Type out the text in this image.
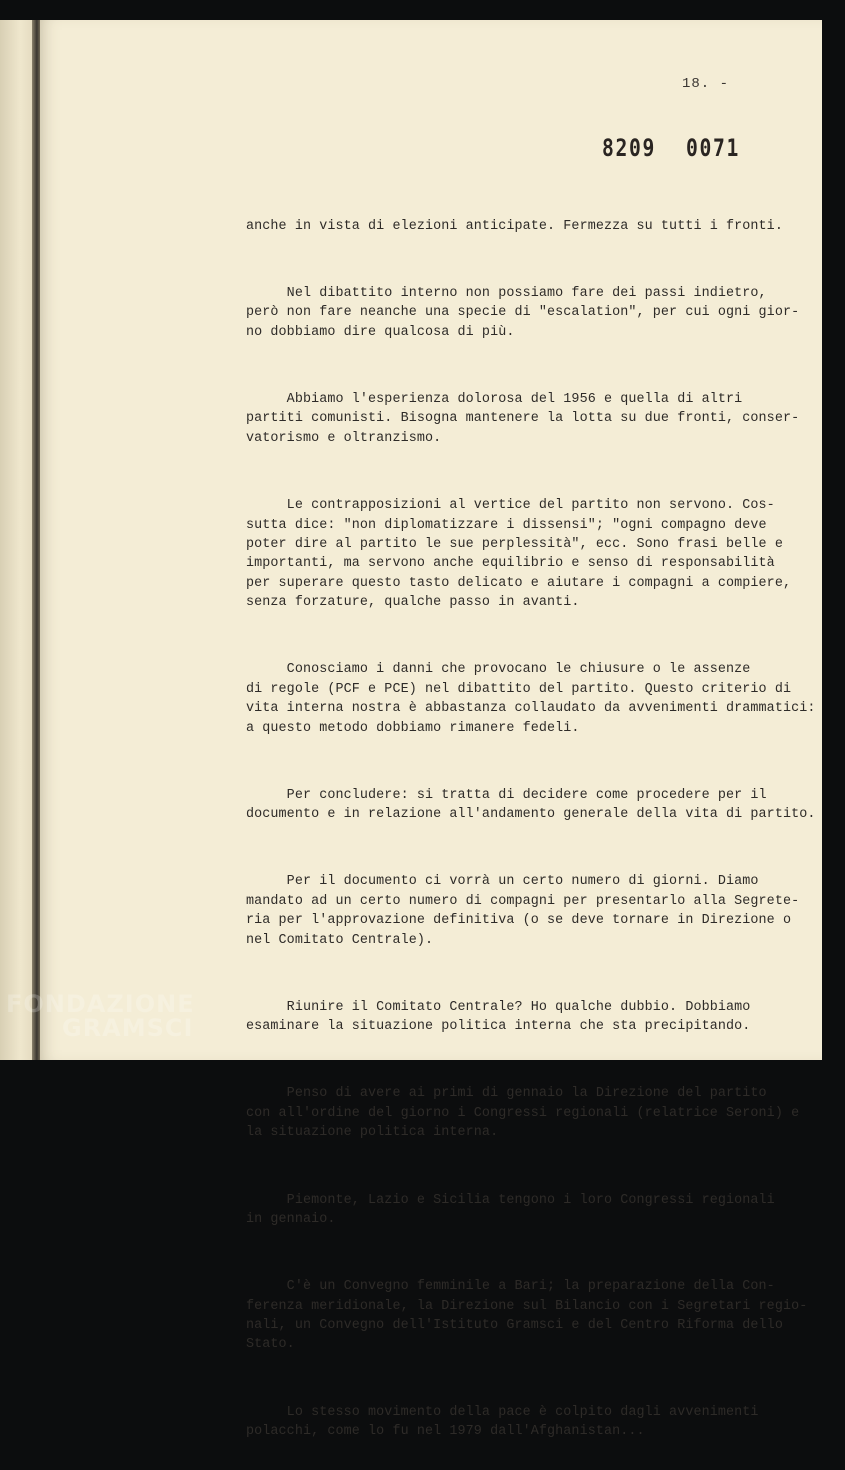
18. -
8209 0071

anche in vista di elezioni anticipate. Fermezza su tutti i fronti.

Nel dibattito interno non possiamo fare dei passi indietro,
però non fare neanche una specie di "escalation", per cui ogni gior-
no dobbiamo dire qualcosa di più.

Abbiamo l'esperienza dolorosa del 1956 e quella di altri
partiti comunisti. Bisogna mantenere la lotta su due fronti, conser-
vatorismo e oltranzismo.

Le contrapposizioni al vertice del partito non servono. Cos-
sutta dice: "non diplomatizzare i dissensi"; "ogni compagno deve
poter dire al partito le sue perplessità", ecc. Sono frasi belle e
importanti, ma servono anche equilibrio e senso di responsabilità
per superare questo tasto delicato e aiutare i compagni a compiere,
senza forzature, qualche passo in avanti.

Conosciamo i danni che provocano le chiusure o le assenze
di regole (PCF e PCE) nel dibattito del partito. Questo criterio di
vita interna nostra è abbastanza collaudato da avvenimenti drammatici:
a questo metodo dobbiamo rimanere fedeli.

Per concludere: si tratta di decidere come procedere per il
documento e in relazione all'andamento generale della vita di partito.

Per il documento ci vorrà un certo numero di giorni. Diamo
mandato ad un certo numero di compagni per presentarlo alla Segrete-
ria per l'approvazione definitiva (o se deve tornare in Direzione o
nel Comitato Centrale).

Riunire il Comitato Centrale? Ho qualche dubbio. Dobbiamo
esaminare la situazione politica interna che sta precipitando.

Penso di avere ai primi di gennaio la Direzione del partito
con all'ordine del giorno i Congressi regionali (relatrice Seroni) e
la situazione politica interna.

Piemonte, Lazio e Sicilia tengono i loro Congressi regionali
in gennaio.

C'è un Convegno femminile a Bari; la preparazione della Con-
ferenza meridionale, la Direzione sul Bilancio con i Segretari regio-
nali, un Convegno dell'Istituto Gramsci e del Centro Riforma dello
Stato.

Lo stesso movimento della pace è colpito dagli avvenimenti
polacchi, come lo fu nel 1979 dall'Afghanistan...

FONDAZIONE
GRAMSCI
